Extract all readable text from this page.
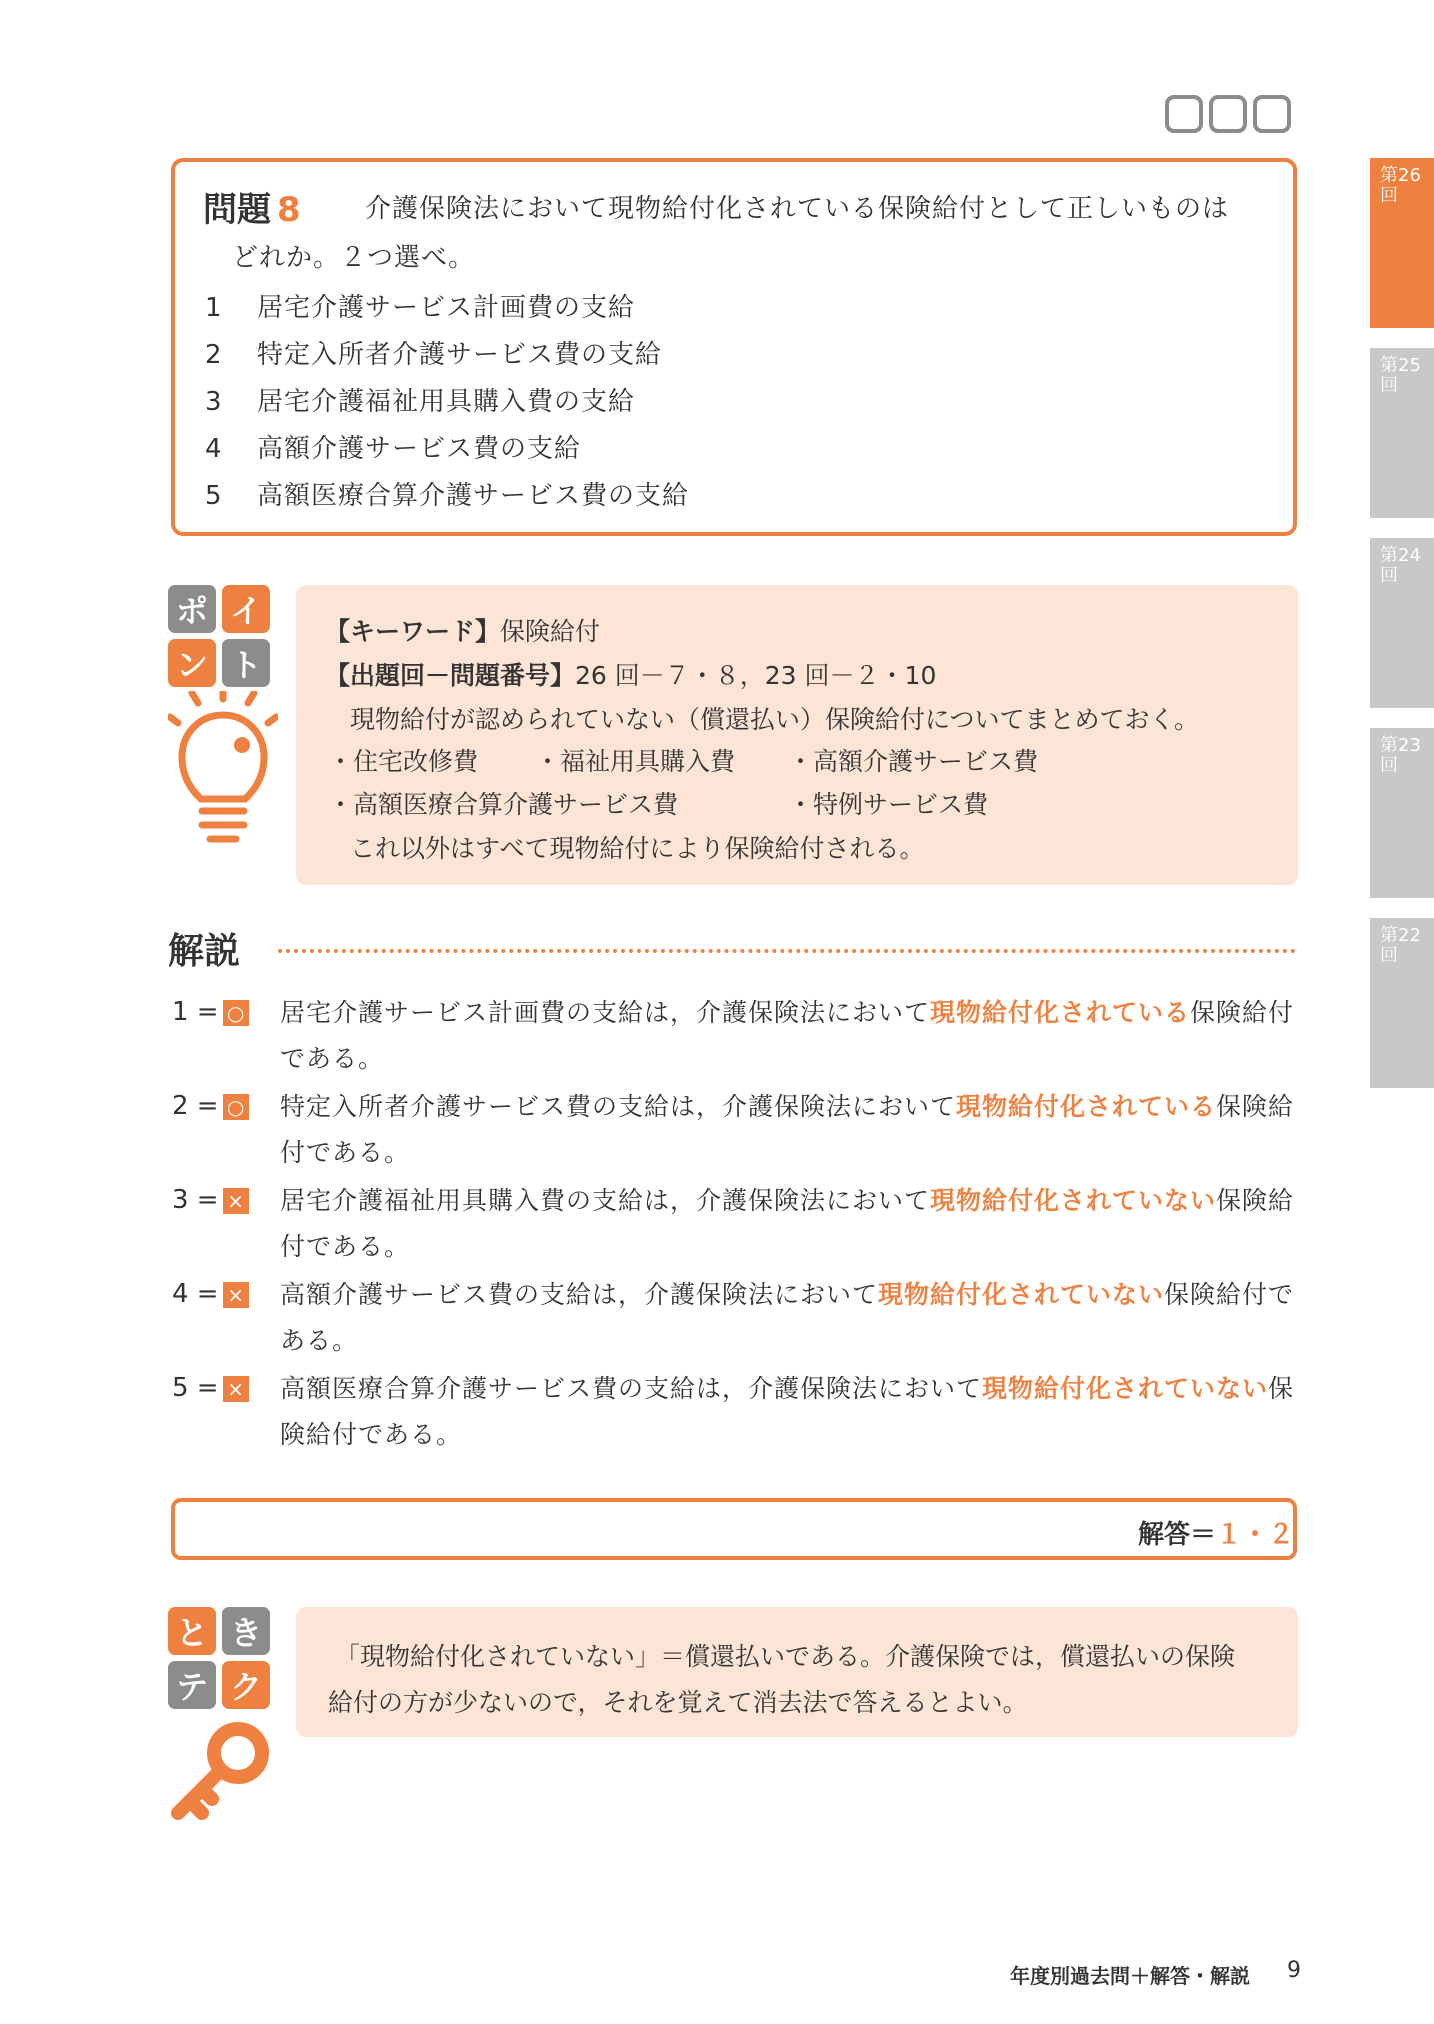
第26回
第25回
第24回
第23回
第22回
問題 8 介護保険法において現物給付化されている保険給付として正しいものは
どれか。２つ選べ。
1 居宅介護サービス計画費の支給
2 特定入所者介護サービス費の支給
3 居宅介護福祉用具購入費の支給
4 高額介護サービス費の支給
5 高額医療合算介護サービス費の支給
ポ イ
ン ト
【キーワード】保険給付
【出題回－問題番号】26 回－７・８，23 回－２・10
現物給付が認められていない（償還払い）保険給付についてまとめておく。
・住宅改修費 ・福祉用具購入費 ・高額介護サービス費
・高額医療合算介護サービス費	・特例サービス費
これ以外はすべて現物給付により保険給付される。
解説
1 = ○ 居宅介護サービス計画費の支給は，介護保険法において現物給付化されている保険給付である。
2 = ○ 特定入所者介護サービス費の支給は，介護保険法において現物給付化されている保険給付である。
3 = × 居宅介護福祉用具購入費の支給は，介護保険法において現物給付化されていない保険給付である。
4 = × 高額介護サービス費の支給は，介護保険法において現物給付化されていない保険給付である。
5 = × 高額医療合算介護サービス費の支給は，介護保険法において現物給付化されていない保険給付である。
解答＝１・２
と き
テ ク
「現物給付化されていない」＝償還払いである。介護保険では，償還払いの保険
給付の方が少ないので，それを覚えて消去法で答えるとよい。
年度別過去問＋解答・解説 9
